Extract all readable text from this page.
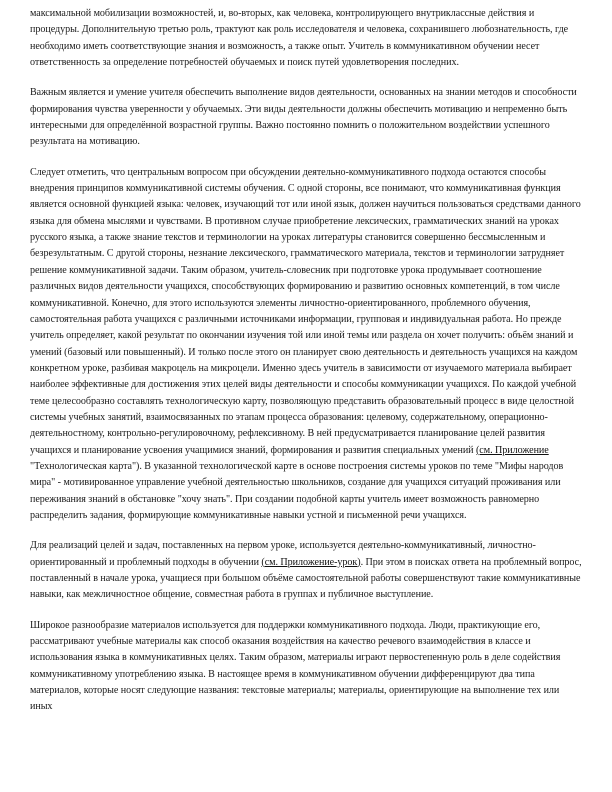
максимальной мобилизации возможностей, и, во-вторых, как человека, контролирующего внутриклассные действия и процедуры. Дополнительную третью роль, трактуют как роль исследователя и человека, сохранившего любознательность, где необходимо иметь соответствующие знания и возможность, а также опыт. Учитель в коммуникативном обучении несет ответственность за определение потребностей обучаемых и поиск путей удовлетворения последних.

Важным является и умение учителя обеспечить выполнение видов деятельности, основанных на знании методов и способности формирования чувства уверенности у обучаемых. Эти виды деятельности должны обеспечить мотивацию и непременно быть интересными для определённой возрастной группы. Важно постоянно помнить о положительном воздействии успешного результата на мотивацию.

Следует отметить, что центральным вопросом при обсуждении деятельно-коммуникативного подхода остаются способы внедрения принципов коммуникативной системы обучения. С одной стороны, все понимают, что коммуникативная функция является основной функцией языка: человек, изучающий тот или иной язык, должен научиться пользоваться средствами данного языка для обмена мыслями и чувствами. В противном случае приобретение лексических, грамматических знаний на уроках русского языка, а также знание текстов и терминологии на уроках литературы становится совершенно бессмысленным и безрезультатным. С другой стороны, незнание лексического, грамматического материала, текстов и терминологии затрудняет решение коммуникативной задачи. Таким образом, учитель-словесник при подготовке урока продумывает соотношение различных видов деятельности учащихся, способствующих формированию и развитию основных компетенций, в том числе коммуникативной. Конечно, для этого используются элементы личностно-ориентированного, проблемного обучения, самостоятельная работа учащихся с различными источниками информации, групповая и индивидуальная работа. Но прежде учитель определяет, какой результат по окончании изучения той или иной темы или раздела он хочет получить: объём знаний и умений (базовый или повышенный). И только после этого он планирует свою деятельность и деятельность учащихся на каждом конкретном уроке, разбивая макроцель на микроцели. Именно здесь учитель в зависимости от изучаемого материала выбирает наиболее эффективные для достижения этих целей виды деятельности и способы коммуникации учащихся. По каждой учебной теме целесообразно составлять технологическую карту, позволяющую представить образовательный процесс в виде целостной системы учебных занятий, взаимосвязанных по этапам процесса образования: целевому, содержательному, операционно-деятельностному, контрольно-регулировочному, рефлексивному. В ней предусматривается планирование целей развития учащихся и планирование усвоения учащимися знаний, формирования и развития специальных умений (см. Приложение "Технологическая карта"). В указанной технологической карте в основе построения системы уроков по теме "Мифы народов мира" - мотивированное управление учебной деятельностью школьников, создание для учащихся ситуаций проживания или переживания знаний в обстановке "хочу знать". При создании подобной карты учитель имеет возможность равномерно распределить задания, формирующие коммуникативные навыки устной и письменной речи учащихся.

Для реализаций целей и задач, поставленных на первом уроке, используется деятельно-коммуникативный, личностно-ориентированный и проблемный подходы в обучении (см. Приложение-урок). При этом в поисках ответа на проблемный вопрос, поставленный в начале урока, учащиеся при большом объёме самостоятельной работы совершенствуют такие коммуникативные навыки, как межличностное общение, совместная работа в группах и публичное выступление.

Широкое разнообразие материалов используется для поддержки коммуникативного подхода. Люди, практикующие его, рассматривают учебные материалы как способ оказания воздействия на качество речевого взаимодействия в классе и использования языка в коммуникативных целях. Таким образом, материалы играют первостепенную роль в деле содействия коммуникативному употреблению языка. В настоящее время в коммуникативном обучении дифференцируют два типа материалов, которые носят следующие названия: текстовые материалы; материалы, ориентирующие на выполнение тех или иных
